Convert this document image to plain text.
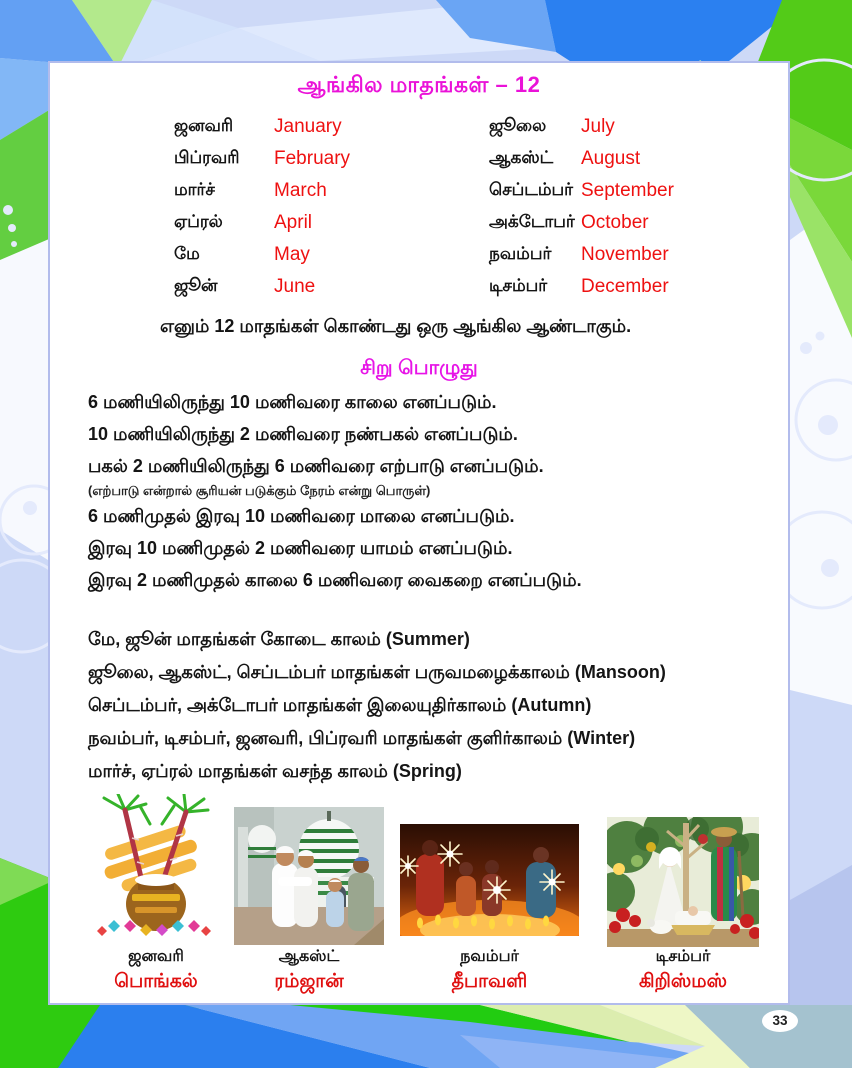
ஆங்கில மாதங்கள் – 12
ஜனவரி	January	ஜூலை	July
பிப்ரவரி	February	ஆகஸ்ட்	August
மார்ச்	March	செப்டம்பர் September
ஏப்ரல்	April	அக்டோபர் October
மே	May	நவம்பர்	November
ஜூன்	June	டிசம்பர்	December
எனும் 12 மாதங்கள் கொண்டது ஒரு ஆங்கில ஆண்டாகும்.
சிறு பொழுது
6 மணியிலிருந்து 10 மணிவரை காலை எனப்படும்.
10 மணியிலிருந்து 2 மணிவரை நண்பகல் எனப்படும்.
பகல் 2 மணியிலிருந்து 6 மணிவரை எற்பாடு எனப்படும்.
(எற்பாடு என்றால் சூரியன் படுக்கும் நேரம் என்று பொருள்)
6 மணிமுதல் இரவு 10 மணிவரை மாலை எனப்படும்.
இரவு 10 மணிமுதல் 2 மணிவரை யாமம் எனப்படும்.
இரவு 2 மணிமுதல் காலை 6 மணிவரை வைகறை எனப்படும்.
மே, ஜூன் மாதங்கள் கோடை காலம் (Summer)
ஜூலை, ஆகஸ்ட், செப்டம்பர் மாதங்கள் பருவமழைக்காலம் (Mansoon)
செப்டம்பர், அக்டோபர் மாதங்கள் இலையுதிர்காலம் (Autumn)
நவம்பர், டிசம்பர், ஜனவரி, பிப்ரவரி மாதங்கள் குளிர்காலம் (Winter)
மார்ச், ஏப்ரல் மாதங்கள் வசந்த காலம் (Spring)
ஜனவரி
பொங்கல்
ஆகஸ்ட்
ரம்ஜான்
நவம்பர்
தீபாவளி
டிசம்பர்
கிறிஸ்மஸ்
33
